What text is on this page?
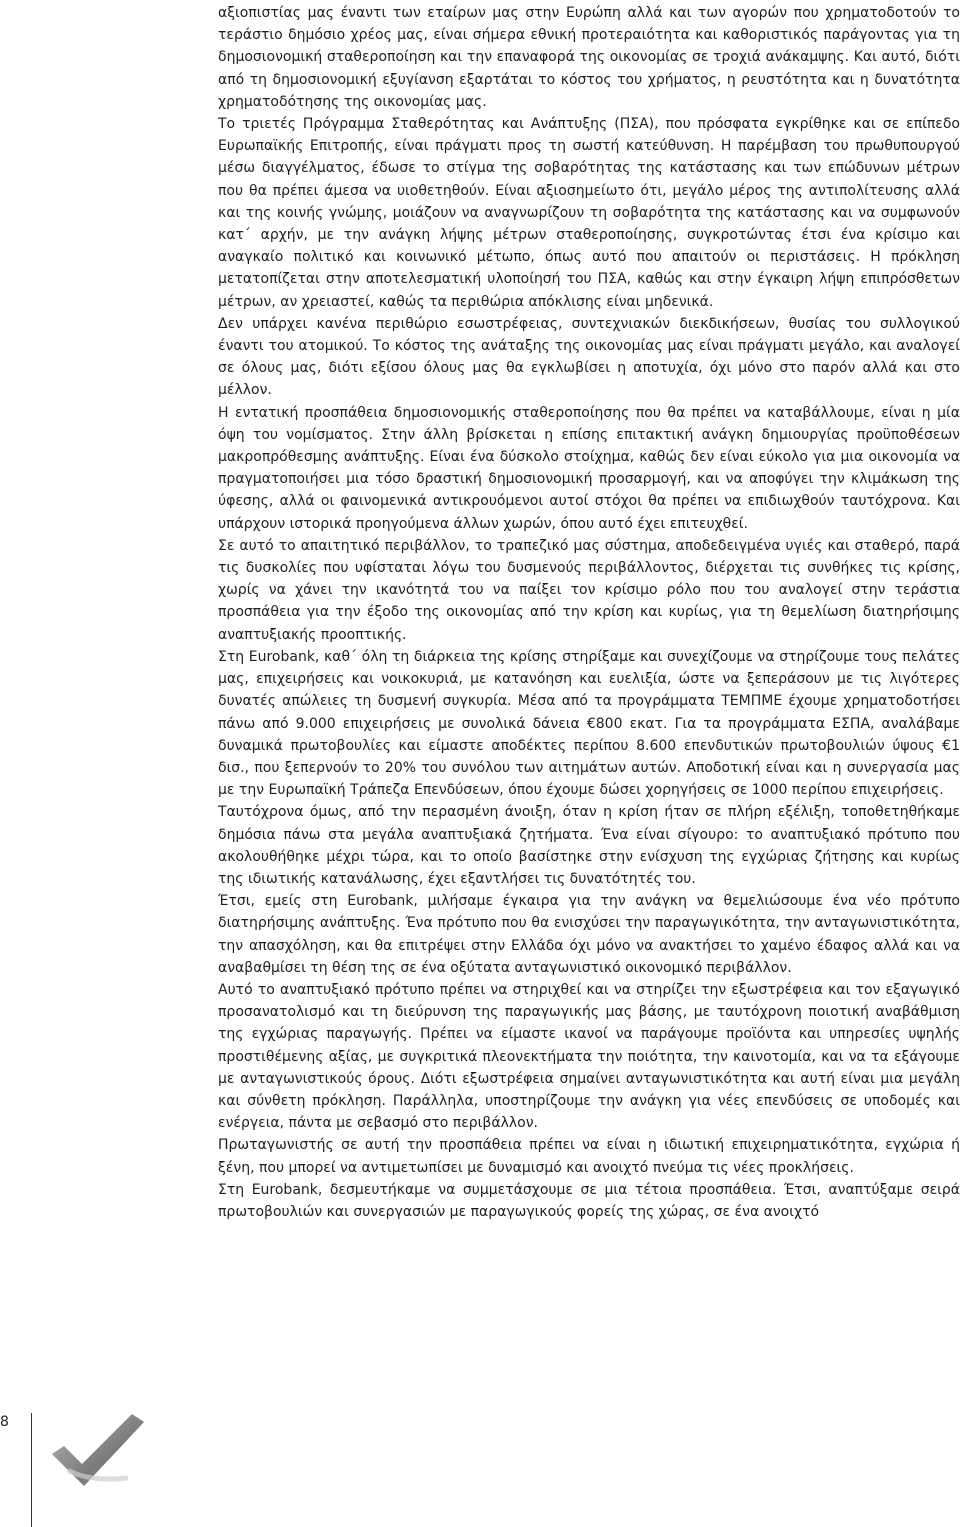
αξιοπιστίας μας έναντι των εταίρων μας στην Ευρώπη αλλά και των αγορών που χρηματοδοτούν το τεράστιο δημόσιο χρέος μας, είναι σήμερα εθνική προτεραιότητα και καθοριστικός παράγοντας για τη δημοσιονομική σταθεροποίηση και την επαναφορά της οικονομίας σε τροχιά ανάκαμψης. Και αυτό, διότι από τη δημοσιονομική εξυγίανση εξαρτάται το κόστος του χρήματος, η ρευστότητα και η δυνατότητα χρηματοδότησης της οικονομίας μας.

Το τριετές Πρόγραμμα Σταθερότητας και Ανάπτυξης (ΠΣΑ), που πρόσφατα εγκρίθηκε και σε επίπεδο Ευρωπαϊκής Επιτροπής, είναι πράγματι προς τη σωστή κατεύθυνση. Η παρέμβαση του πρωθυπουργού μέσω διαγγέλματος, έδωσε το στίγμα της σοβαρότητας της κατάστασης και των επώδυνων μέτρων που θα πρέπει άμεσα να υιοθετηθούν. Είναι αξιοσημείωτο ότι, μεγάλο μέρος της αντιπολίτευσης αλλά και της κοινής γνώμης, μοιάζουν να αναγνωρίζουν τη σοβαρότητα της κατάστασης και να συμφωνούν κατ΄ αρχήν, με την ανάγκη λήψης μέτρων σταθεροποίησης, συγκροτώντας έτσι ένα κρίσιμο και αναγκαίο πολιτικό και κοινωνικό μέτωπο, όπως αυτό που απαιτούν οι περιστάσεις. Η πρόκληση μετατοπίζεται στην αποτελεσματική υλοποίησή του ΠΣΑ, καθώς και στην έγκαιρη λήψη επιπρόσθετων μέτρων, αν χρειαστεί, καθώς τα περιθώρια απόκλισης είναι μηδενικά.

Δεν υπάρχει κανένα περιθώριο εσωστρέφειας, συντεχνιακών διεκδικήσεων, θυσίας του συλλογικού έναντι του ατομικού. Το κόστος της ανάταξης της οικονομίας μας είναι πράγματι μεγάλο, και αναλογεί σε όλους μας, διότι εξίσου όλους μας θα εγκλωβίσει η αποτυχία, όχι μόνο στο παρόν αλλά και στο μέλλον.

Η εντατική προσπάθεια δημοσιονομικής σταθεροποίησης που θα πρέπει να καταβάλλουμε, είναι η μία όψη του νομίσματος. Στην άλλη βρίσκεται η επίσης επιτακτική ανάγκη δημιουργίας προϋποθέσεων μακροπρόθεσμης ανάπτυξης. Είναι ένα δύσκολο στοίχημα, καθώς δεν είναι εύκολο για μια οικονομία να πραγματοποιήσει μια τόσο δραστική δημοσιονομική προσαρμογή, και να αποφύγει την κλιμάκωση της ύφεσης, αλλά οι φαινομενικά αντικρουόμενοι αυτοί στόχοι θα πρέπει να επιδιωχθούν ταυτόχρονα. Και υπάρχουν ιστορικά προηγούμενα άλλων χωρών, όπου αυτό έχει επιτευχθεί.

Σε αυτό το απαιτητικό περιβάλλον, το τραπεζικό μας σύστημα, αποδεδειγμένα υγιές και σταθερό, παρά τις δυσκολίες που υφίσταται λόγω του δυσμενούς περιβάλλοντος, διέρχεται τις συνθήκες τις κρίσης, χωρίς να χάνει την ικανότητά του να παίξει τον κρίσιμο ρόλο που του αναλογεί στην τεράστια προσπάθεια για την έξοδο της οικονομίας από την κρίση και κυρίως, για τη θεμελίωση διατηρήσιμης αναπτυξιακής προοπτικής.

Στη Eurobank, καθ΄ όλη τη διάρκεια της κρίσης στηρίξαμε και συνεχίζουμε να στηρίζουμε τους πελάτες μας, επιχειρήσεις και νοικοκυριά, με κατανόηση και ευελιξία, ώστε να ξεπεράσουν με τις λιγότερες δυνατές απώλειες τη δυσμενή συγκυρία. Μέσα από τα προγράμματα ΤΕΜΠΜΕ έχουμε χρηματοδοτήσει πάνω από 9.000 επιχειρήσεις με συνολικά δάνεια €800 εκατ. Για τα προγράμματα ΕΣΠΑ, αναλάβαμε δυναμικά πρωτοβουλίες και είμαστε αποδέκτες περίπου 8.600 επενδυτικών πρωτοβουλιών ύψους €1 δισ., που ξεπερνούν το 20% του συνόλου των αιτημάτων αυτών. Αποδοτική είναι και η συνεργασία μας με την Ευρωπαϊκή Τράπεζα Επενδύσεων, όπου έχουμε δώσει χορηγήσεις σε 1000 περίπου επιχειρήσεις.

Ταυτόχρονα όμως, από την περασμένη άνοιξη, όταν η κρίση ήταν σε πλήρη εξέλιξη, τοποθετηθήκαμε δημόσια πάνω στα μεγάλα αναπτυξιακά ζητήματα. Ένα είναι σίγουρο: το αναπτυξιακό πρότυπο που ακολουθήθηκε μέχρι τώρα, και το οποίο βασίστηκε στην ενίσχυση της εγχώριας ζήτησης και κυρίως της ιδιωτικής κατανάλωσης, έχει εξαντλήσει τις δυνατότητές του.

Έτσι, εμείς στη Eurobank, μιλήσαμε έγκαιρα για την ανάγκη να θεμελιώσουμε ένα νέο πρότυπο διατηρήσιμης ανάπτυξης. Ένα πρότυπο που θα ενισχύσει την παραγωγικότητα, την ανταγωνιστικότητα, την απασχόληση, και θα επιτρέψει στην Ελλάδα όχι μόνο να ανακτήσει το χαμένο έδαφος αλλά και να αναβαθμίσει τη θέση της σε ένα οξύτατα ανταγωνιστικό οικονομικό περιβάλλον.

Αυτό το αναπτυξιακό πρότυπο πρέπει να στηριχθεί και να στηρίζει την εξωστρέφεια και τον εξαγωγικό προσανατολισμό και τη διεύρυνση της παραγωγικής μας βάσης, με ταυτόχρονη ποιοτική αναβάθμιση της εγχώριας παραγωγής. Πρέπει να είμαστε ικανοί να παράγουμε προϊόντα και υπηρεσίες υψηλής προστιθέμενης αξίας, με συγκριτικά πλεονεκτήματα την ποιότητα, την καινοτομία, και να τα εξάγουμε με ανταγωνιστικούς όρους. Διότι εξωστρέφεια σημαίνει ανταγωνιστικότητα και αυτή είναι μια μεγάλη και σύνθετη πρόκληση. Παράλληλα, υποστηρίζουμε την ανάγκη για νέες επενδύσεις σε υποδομές και ενέργεια, πάντα με σεβασμό στο περιβάλλον.

Πρωταγωνιστής σε αυτή την προσπάθεια πρέπει να είναι η ιδιωτική επιχειρηματικότητα, εγχώρια ή ξένη, που μπορεί να αντιμετωπίσει με δυναμισμό και ανοιχτό πνεύμα τις νέες προκλήσεις.

Στη Eurobank, δεσμευτήκαμε να συμμετάσχουμε σε μια τέτοια προσπάθεια. Έτσι, αναπτύξαμε σειρά πρωτοβουλιών και συνεργασιών με παραγωγικούς φορείς της χώρας, σε ένα ανοιχτό

8
